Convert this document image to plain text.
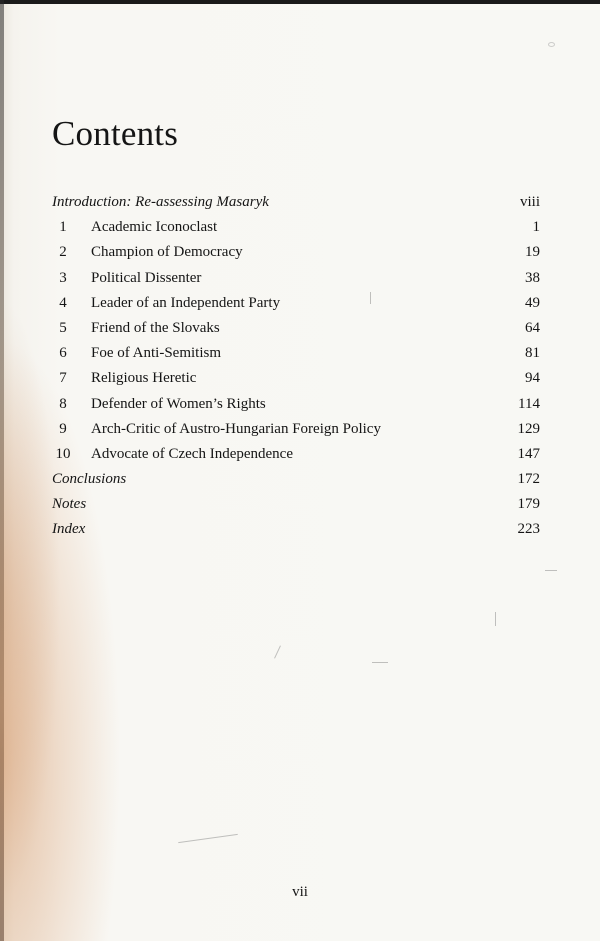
Contents
Introduction: Re-assessing Masaryk	viii
1	Academic Iconoclast	1
2	Champion of Democracy	19
3	Political Dissenter	38
4	Leader of an Independent Party	49
5	Friend of the Slovaks	64
6	Foe of Anti-Semitism	81
7	Religious Heretic	94
8	Defender of Women’s Rights	114
9	Arch-Critic of Austro-Hungarian Foreign Policy	129
10 Advocate of Czech Independence	147
Conclusions	172
Notes	179
Index	223
vii
